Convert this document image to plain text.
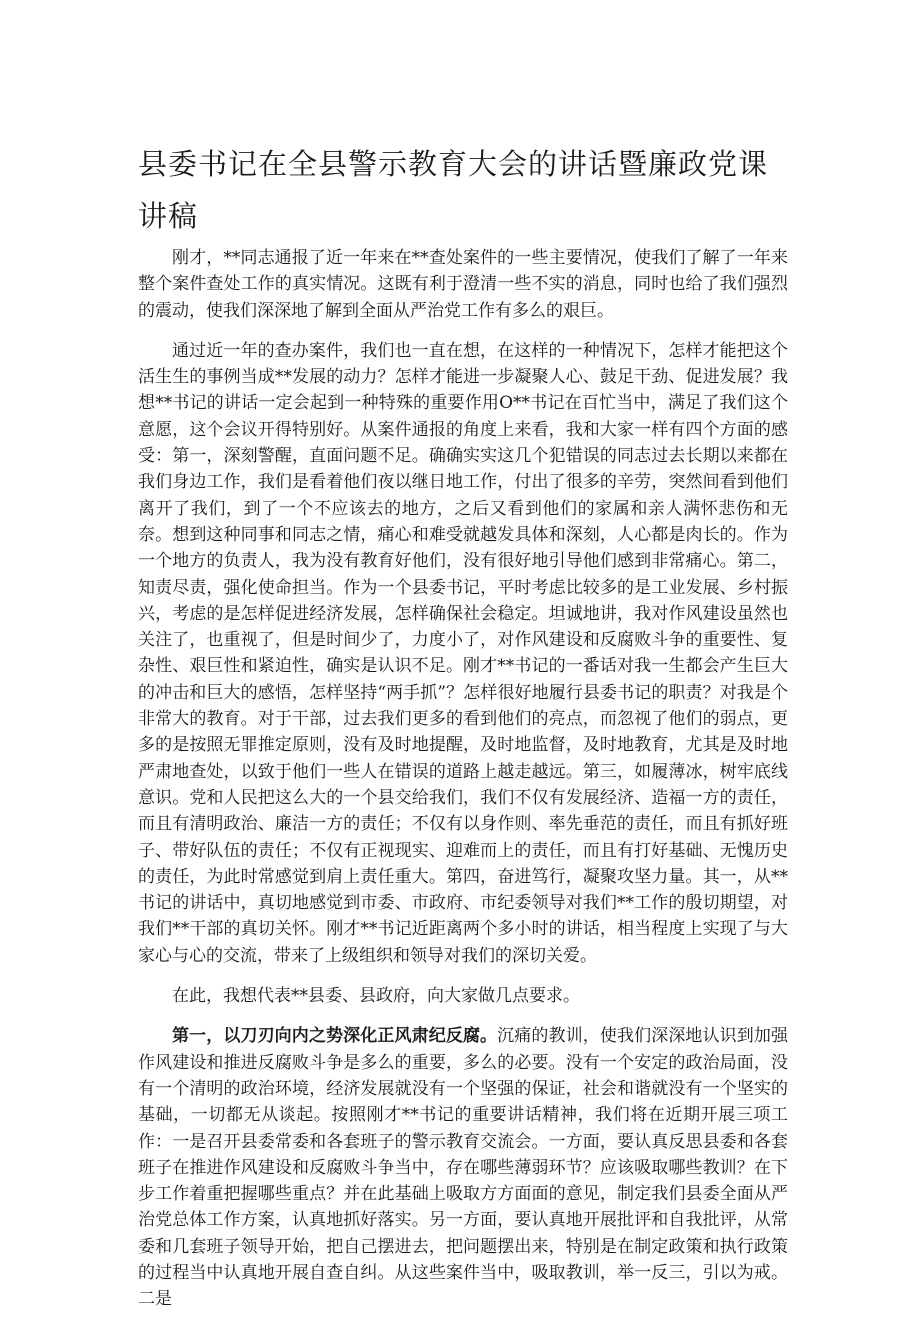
县委书记在全县警示教育大会的讲话暨廉政党课讲稿

刚才，**同志通报了近一年来在**查处案件的一些主要情况，使我们了解了一年来整个案件查处工作的真实情况。这既有利于澄清一些不实的消息，同时也给了我们强烈的震动，使我们深深地了解到全面从严治党工作有多么的艰巨。

通过近一年的查办案件，我们也一直在想，在这样的一种情况下，怎样才能把这个活生生的事例当成**发展的动力？怎样才能进一步凝聚人心、鼓足干劲、促进发展？我想**书记的讲话一定会起到一种特殊的重要作用O**书记在百忙当中，满足了我们这个意愿，这个会议开得特别好。从案件通报的角度上来看，我和大家一样有四个方面的感受：第一，深刻警醒，直面问题不足。确确实实这几个犯错误的同志过去长期以来都在我们身边工作，我们是看着他们夜以继日地工作，付出了很多的辛劳，突然间看到他们离开了我们，到了一个不应该去的地方，之后又看到他们的家属和亲人满怀悲伤和无奈。想到这种同事和同志之情，痛心和难受就越发具体和深刻，人心都是肉长的。作为一个地方的负责人，我为没有教育好他们，没有很好地引导他们感到非常痛心。第二，知责尽责，强化使命担当。作为一个县委书记，平时考虑比较多的是工业发展、乡村振兴，考虑的是怎样促进经济发展，怎样确保社会稳定。坦诚地讲，我对作风建设虽然也关注了，也重视了，但是时间少了，力度小了，对作风建设和反腐败斗争的重要性、复杂性、艰巨性和紧迫性，确实是认识不足。刚才**书记的一番话对我一生都会产生巨大的冲击和巨大的感悟，怎样坚持“两手抓”？怎样很好地履行县委书记的职责？对我是个非常大的教育。对于干部，过去我们更多的看到他们的亮点，而忽视了他们的弱点，更多的是按照无罪推定原则，没有及时地提醒，及时地监督，及时地教育，尤其是及时地严肃地查处，以致于他们一些人在错误的道路上越走越远。第三，如履薄冰，树牢底线意识。党和人民把这么大的一个县交给我们，我们不仅有发展经济、造福一方的责任，而且有清明政治、廉洁一方的责任；不仅有以身作则、率先垂范的责任，而且有抓好班子、带好队伍的责任；不仅有正视现实、迎难而上的责任，而且有打好基础、无愧历史的责任，为此时常感觉到肩上责任重大。第四，奋进笃行，凝聚攻坚力量。其一，从**书记的讲话中，真切地感觉到市委、市政府、市纪委领导对我们**工作的殷切期望，对我们**干部的真切关怀。刚才**书记近距离两个多小时的讲话，相当程度上实现了与大家心与心的交流，带来了上级组织和领导对我们的深切关爱。

在此，我想代表**县委、县政府，向大家做几点要求。

第一，以刀刃向内之势深化正风肃纪反腐。沉痛的教训，使我们深深地认识到加强作风建设和推进反腐败斗争是多么的重要，多么的必要。没有一个安定的政治局面，没有一个清明的政治环境，经济发展就没有一个坚强的保证，社会和谐就没有一个坚实的基础，一切都无从谈起。按照刚才**书记的重要讲话精神，我们将在近期开展三项工作：一是召开县委常委和各套班子的警示教育交流会。一方面，要认真反思县委和各套班子在推进作风建设和反腐败斗争当中，存在哪些薄弱环节？应该吸取哪些教训？在下步工作着重把握哪些重点？并在此基础上吸取方方面面的意见，制定我们县委全面从严治党总体工作方案，认真地抓好落实。另一方面，要认真地开展批评和自我批评，从常委和几套班子领导开始，把自己摆进去，把问题摆出来，特别是在制定政策和执行政策的过程当中认真地开展自查自纠。从这些案件当中，吸取教训，举一反三，引以为戒。二是
